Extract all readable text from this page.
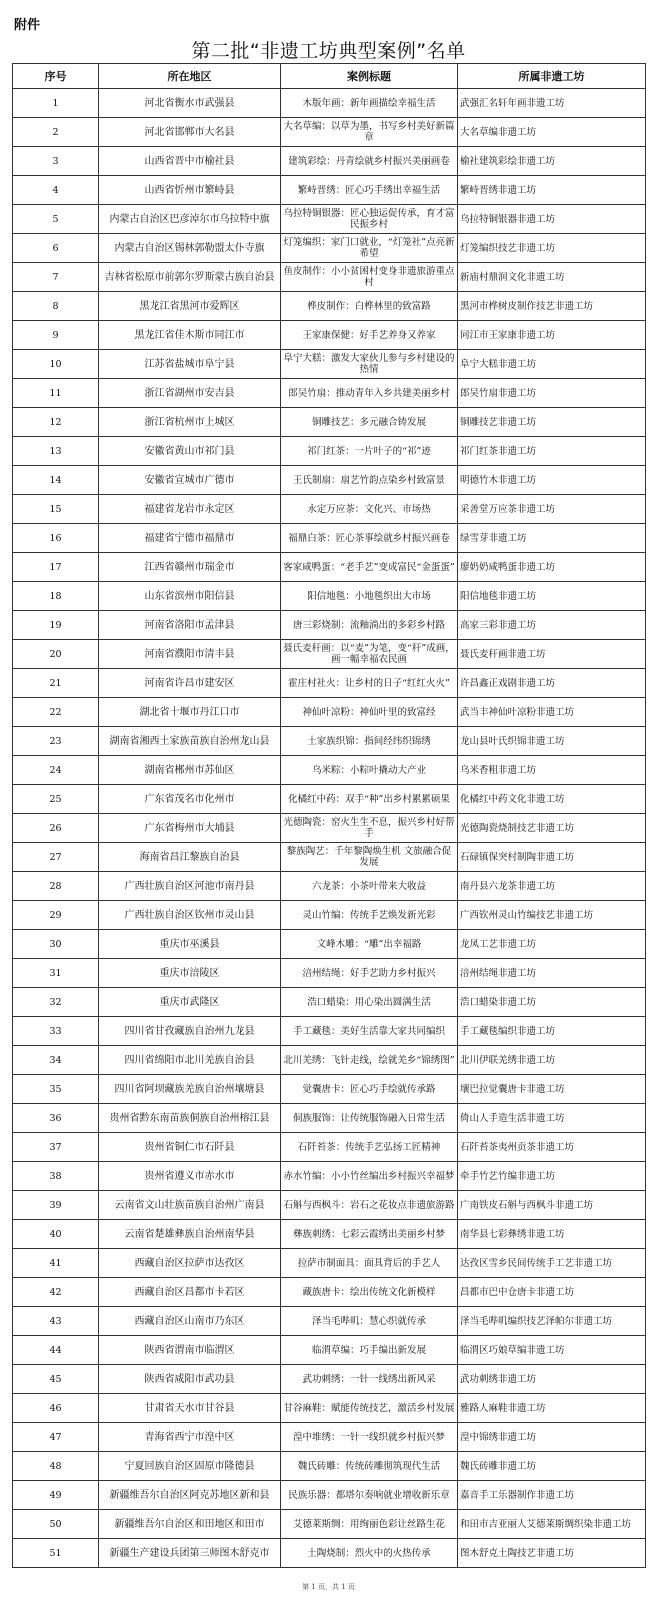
附件
第二批“非遗工坊典型案例”名单
序号	所在地区	案例标题	所属非遗工坊
1	河北省衡水市武强县	木版年画：新年画描绘幸福生活	武强汇名轩年画非遗工坊
2	河北省邯郸市大名县	大名草编：以草为墨，书写乡村美好新篇章	大名草编非遗工坊
3	山西省晋中市榆社县	建筑彩绘：丹青绘就乡村振兴美丽画卷	榆社建筑彩绘非遗工坊
4	山西省忻州市繁峙县	繁峙晋绣：匠心巧手绣出幸福生活	繁峙晋绣非遗工坊
5	内蒙古自治区巴彦淖尔市乌拉特中旗	乌拉特铜银器：匠心独运促传承，育才富民振乡村	乌拉特铜银器非遗工坊
6	内蒙古自治区锡林郭勒盟太仆寺旗	灯笼编织：家门口就业，“灯笼社”点亮新希望	灯笼编织技艺非遗工坊
7	吉林省松原市前郭尔罗斯蒙古族自治县	鱼皮制作：小小贫困村变身非遗旅游重点村	新庙村鼎润文化非遗工坊
8	黑龙江省黑河市爱辉区	桦皮制作：白桦林里的致富路	黑河市桦树皮制作技艺非遗工坊
9	黑龙江省佳木斯市同江市	王家康保健：好手艺养身又养家	同江市王家康非遗工坊
10	江苏省盐城市阜宁县	阜宁大糕：激发大家伙儿参与乡村建设的热情	阜宁大糕非遗工坊
11	浙江省湖州市安吉县	郎吴竹扇：推动青年入乡共建美丽乡村	郎吴竹扇非遗工坊
12	浙江省杭州市上城区	铜雕技艺：多元融合铸发展	铜雕技艺非遗工坊
13	安徽省黄山市祁门县	祁门红茶：一片叶子的“祁”迹	祁门红茶非遗工坊
14	安徽省宣城市广德市	王氏制扇：扇艺竹韵点染乡村致富景	明德竹木非遗工坊
15	福建省龙岩市永定区	永定万应茶：文化兴、市场热	采善堂万应茶非遗工坊
16	福建省宁德市福鼎市	福鼎白茶：匠心茶事绘就乡村振兴画卷	绿雪芽非遗工坊
17	江西省赣州市瑞金市	客家咸鸭蛋：“老手艺”变成富民“金蛋蛋”	廖奶奶咸鸭蛋非遗工坊
18	山东省滨州市阳信县	阳信地毯：小地毯织出大市场	阳信地毯非遗工坊
19	河南省洛阳市孟津县	唐三彩烧制：流釉淌出的多彩乡村路	高家三彩非遗工坊
20	河南省濮阳市清丰县	聂氏麦秆画：以“麦”为笔，变“秆”成画，画一幅幸福农民画	聂氏麦秆画非遗工坊
21	河南省许昌市建安区	霍庄村社火：让乡村的日子“红红火火”	许昌鑫正戏剧非遗工坊
22	湖北省十堰市丹江口市	神仙叶凉粉：神仙叶里的致富经	武当丰神仙叶凉粉非遗工坊
23	湖南省湘西土家族苗族自治州龙山县	土家族织锦：指间经纬织锦绣	龙山县叶氏织锦非遗工坊
24	湖南省郴州市苏仙区	乌米粽：小粽叶撬动大产业	乌米香粗非遗工坊
25	广东省茂名市化州市	化橘红中药：双手“种”出乡村累累硕果	化橘红中药文化非遗工坊
26	广东省梅州市大埔县	光德陶瓷：窑火生生不息，振兴乡村好帮手	光德陶瓷烧制技艺非遗工坊
27	海南省昌江黎族自治县	黎族陶艺：千年黎陶焕生机 文旅融合促发展	石碌镇保突村制陶非遗工坊
28	广西壮族自治区河池市南丹县	六龙茶：小茶叶带来大收益	南丹县六龙茶非遗工坊
29	广西壮族自治区钦州市灵山县	灵山竹编：传统手艺焕发新光彩	广西钦州灵山竹编技艺非遗工坊
30	重庆市巫溪县	文峰木雕：“雕”出幸福路	龙凤工艺非遗工坊
31	重庆市涪陵区	涪州结绳：好手艺助力乡村振兴	涪州结绳非遗工坊
32	重庆市武隆区	浩口蜡染：用心染出圆满生活	浩口蜡染非遗工坊
33	四川省甘孜藏族自治州九龙县	手工藏毯：美好生活靠大家共同编织	手工藏毯编织非遗工坊
34	四川省绵阳市北川羌族自治县	北川羌绣：飞针走线，绘就羌乡“锦绣图”	北川伊联羌绣非遗工坊
35	四川省阿坝藏族羌族自治州壤塘县	觉囊唐卡：匠心巧手绘就传承路	壤巴拉觉囊唐卡非遗工坊
36	贵州省黔东南苗族侗族自治州榕江县	侗族服饰：让传统服饰融入日常生活	倚山人手造生活非遗工坊
37	贵州省铜仁市石阡县	石阡苔茶：传统手艺弘扬工匠精神	石阡苔茶夷州贡茶非遗工坊
38	贵州省遵义市赤水市	赤水竹编：小小竹丝编出乡村振兴幸福梦	牵手竹艺竹编非遗工坊
39	云南省文山壮族苗族自治州广南县	石斛与西枫斗：岩石之花妆点非遗旅游路	广南铁皮石斛与西枫斗非遗工坊
40	云南省楚雄彝族自治州南华县	彝族刺绣：七彩云霞绣出美丽乡村梦	南华县七彩彝绣非遗工坊
41	西藏自治区拉萨市达孜区	拉萨市制面具：面具背后的手艺人	达孜区雪乡民间传统手工艺非遗工坊
42	西藏自治区昌都市卡若区	藏族唐卡：绘出传统文化新模样	昌都市巴中仓唐卡非遗工坊
43	西藏自治区山南市乃东区	泽当毛哔叽：慧心织就传承	泽当毛哔叽编织技艺泽帕尔非遗工坊
44	陕西省渭南市临渭区	临渭草编：巧手编出新发展	临渭区巧娘草编非遗工坊
45	陕西省咸阳市武功县	武功刺绣：一针一线绣出新风采	武功刺绣非遗工坊
46	甘肃省天水市甘谷县	甘谷麻鞋：赋能传统技艺，激活乡村发展	雅路人麻鞋非遗工坊
47	青海省西宁市湟中区	湟中堆绣：一针一线织就乡村振兴梦	湟中锦绣非遗工坊
48	宁夏回族自治区固原市隆德县	魏氏砖雕：传统砖雕彻筑现代生活	魏氏砖雕非遗工坊
49	新疆维吾尔自治区阿克苏地区新和县	民族乐器：都塔尔奏响就业增收新乐章	嘉音手工乐器制作非遗工坊
50	新疆维吾尔自治区和田地区和田市	艾德莱斯绸：用绚丽色彩让丝路生花	和田市吉亚丽人艾德莱斯绸织染非遗工坊
51	新疆生产建设兵团第三师图木舒克市	土陶烧制：烈火中的火热传承	图木舒克土陶技艺非遗工坊
第 1 页，共 1 页
